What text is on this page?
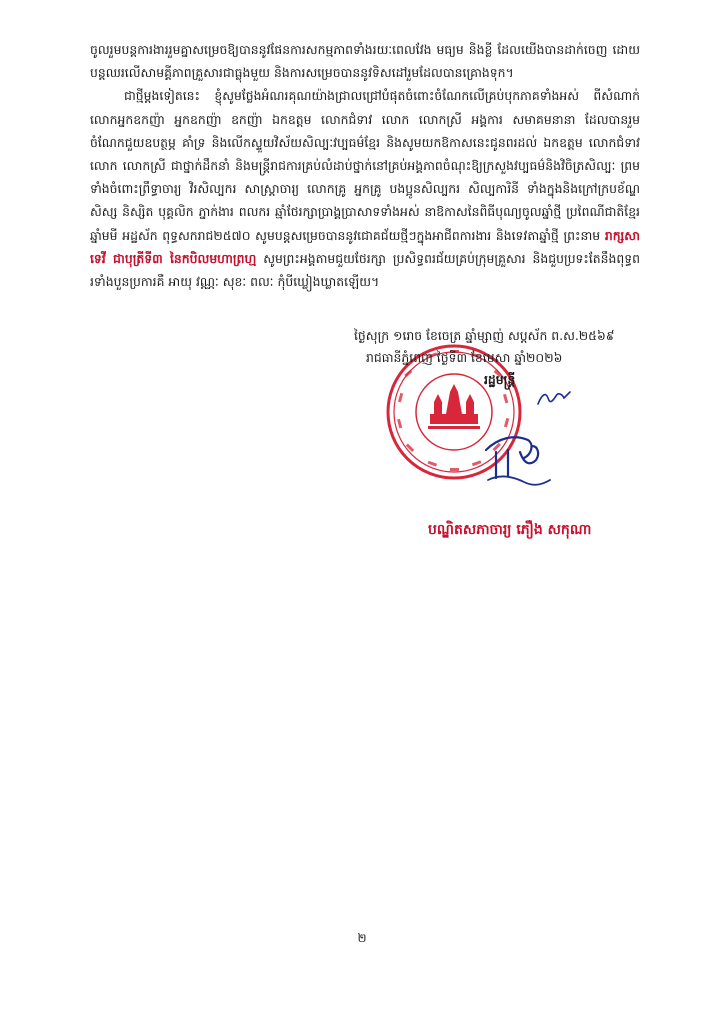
ចូលរួមបន្តការងាររួមគ្នាសម្រេចឱ្យបាននូវផែនការសកម្មភាពទាំងរយៈពេលវែង មធ្យម និងខ្លី ដែលយើងបានដាក់ចេញ ដោយបន្តឈរលើសាមគ្គីភាពគ្រួសារជាធ្លុងមួយ និងការសម្រេចបាននូវទិសដៅរួមដែលបានគ្រោងទុក។

ជាថ្មីម្តងទៀតនេះ ខ្ញុំសូមថ្លែងអំណរគុណយ៉ាងជ្រាលជ្រៅបំផុតចំពោះចំណែកលើគ្រប់បុកភាគទាំងអស់ ពីសំណាក់ លោកអ្នកឧកញ៉ា អ្នកឧកញ៉ា ឧកញ៉ា ឯកឧត្តម លោកជំទាវ លោក លោកស្រី អង្គការ សមាគមនានា ដែលបានរួមចំណែកជួយឧបត្ថម្ភ គាំទ្រ និងលើកស្ទួយវិស័យសិល្បៈវប្បធម៌ខ្មែរ និងសូមយកឱកាសនេះជូនពរដល់ ឯកឧត្តម លោកជំទាវ លោក លោកស្រី ជាថ្នាក់ដឹកនាំ និងមន្ត្រីរាជការគ្រប់លំដាប់ថ្នាក់នៅគ្រប់អង្គភាពចំណុះឱ្យក្រសួងវប្បធម៌និងវិចិត្រសិល្បៈ ព្រមទាំងចំពោះព្រឹទ្ធាចារ្យ វិរសិល្បករ សាស្ត្រាចារ្យ លោកគ្រូ អ្នកគ្រូ បងប្អូនសិល្បករ សិល្បការិនី ទាំងក្នុងនិងក្រៅក្របខ័ណ្ឌ សិស្ស និស្សិត បុគ្គលិក ភ្នាក់ងារ ពលករ ឆ្មាំថែរក្សាប្រាង្គប្រាសាទទាំងអស់ នាឱកាសនៃពិធីបុណ្យចូលឆ្នាំថ្មី ប្រពៃណីជាតិខ្មែរ ឆ្នាំមមី អដ្ឋស័ក ពុទ្ធសករាជ២៥៧០ សូមបន្តសម្រេចបាននូវជោគជ័យថ្មីៗក្នុងអាជីពការងារ និងទេវតាឆ្នាំថ្មី ព្រះនាម រាក្សសាទេវី ជាបុត្រីទី៣ នៃកបិលមហាព្រហ្ម សូមព្រះអង្គតាមជួយថែរក្សា ប្រសិទ្ធពរជ័យគ្រប់ក្រុមគ្រួសារ និងជួបប្រទះតែនឹងពុទ្ធពរទាំងបួនប្រការគឺ អាយុ វណ្ណៈ សុខៈ ពលៈ កុំបីឃ្លៀងឃ្លាតឡើយ។

ថ្ងៃសុក្រ ១រោច ខែចេត្រ ឆ្នាំម្សាញ់ សប្តស័ក ព.ស.២៥៦៩
រាជធានីភ្នំពេញ ថ្ងៃទី៣ ខែមេសា ឆ្នាំ២០២៦
រដ្ឋមន្ត្រី
បណ្ឌិតសភាចារ្យ ភឿង សកុណា
២
